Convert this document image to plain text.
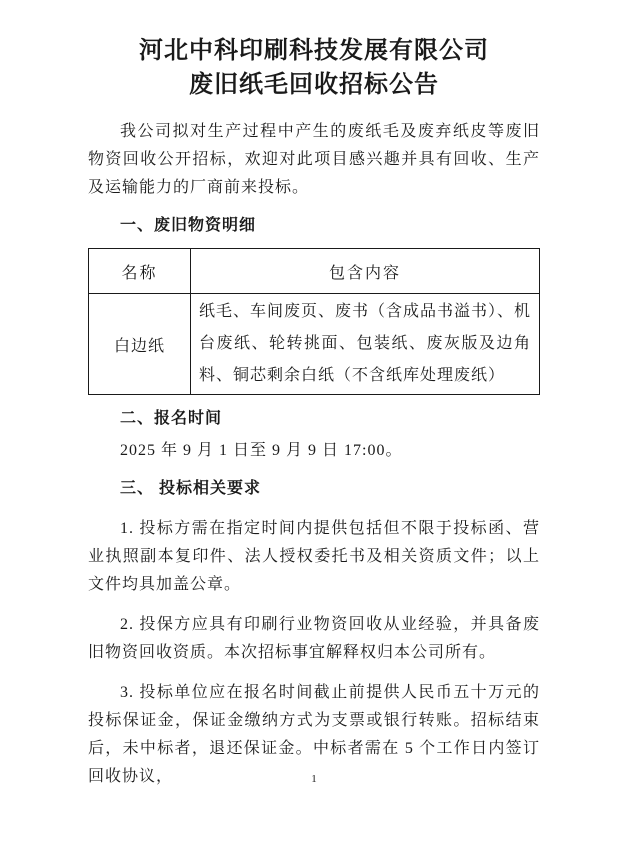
河北中科印刷科技发展有限公司
废旧纸毛回收招标公告

我公司拟对生产过程中产生的废纸毛及废弃纸皮等废旧物资回收公开招标，欢迎对此项目感兴趣并具有回收、生产及运输能力的厂商前来投标。

一、废旧物资明细

名称	包含内容
白边纸	纸毛、车间废页、废书（含成品书溢书）、机台废纸、轮转挑面、包装纸、废灰版及边角料、铜芯剩余白纸（不含纸库处理废纸）

二、报名时间

2025 年 9 月 1 日至 9 月 9 日 17:00。

三、 投标相关要求

1. 投标方需在指定时间内提供包括但不限于投标函、营业执照副本复印件、法人授权委托书及相关资质文件；以上文件均具加盖公章。

2. 投保方应具有印刷行业物资回收从业经验，并具备废旧物资回收资质。本次招标事宜解释权归本公司所有。

3. 投标单位应在报名时间截止前提供人民币五十万元的投标保证金，保证金缴纳方式为支票或银行转账。招标结束后，未中标者，退还保证金。中标者需在 5 个工作日内签订回收协议，	1
